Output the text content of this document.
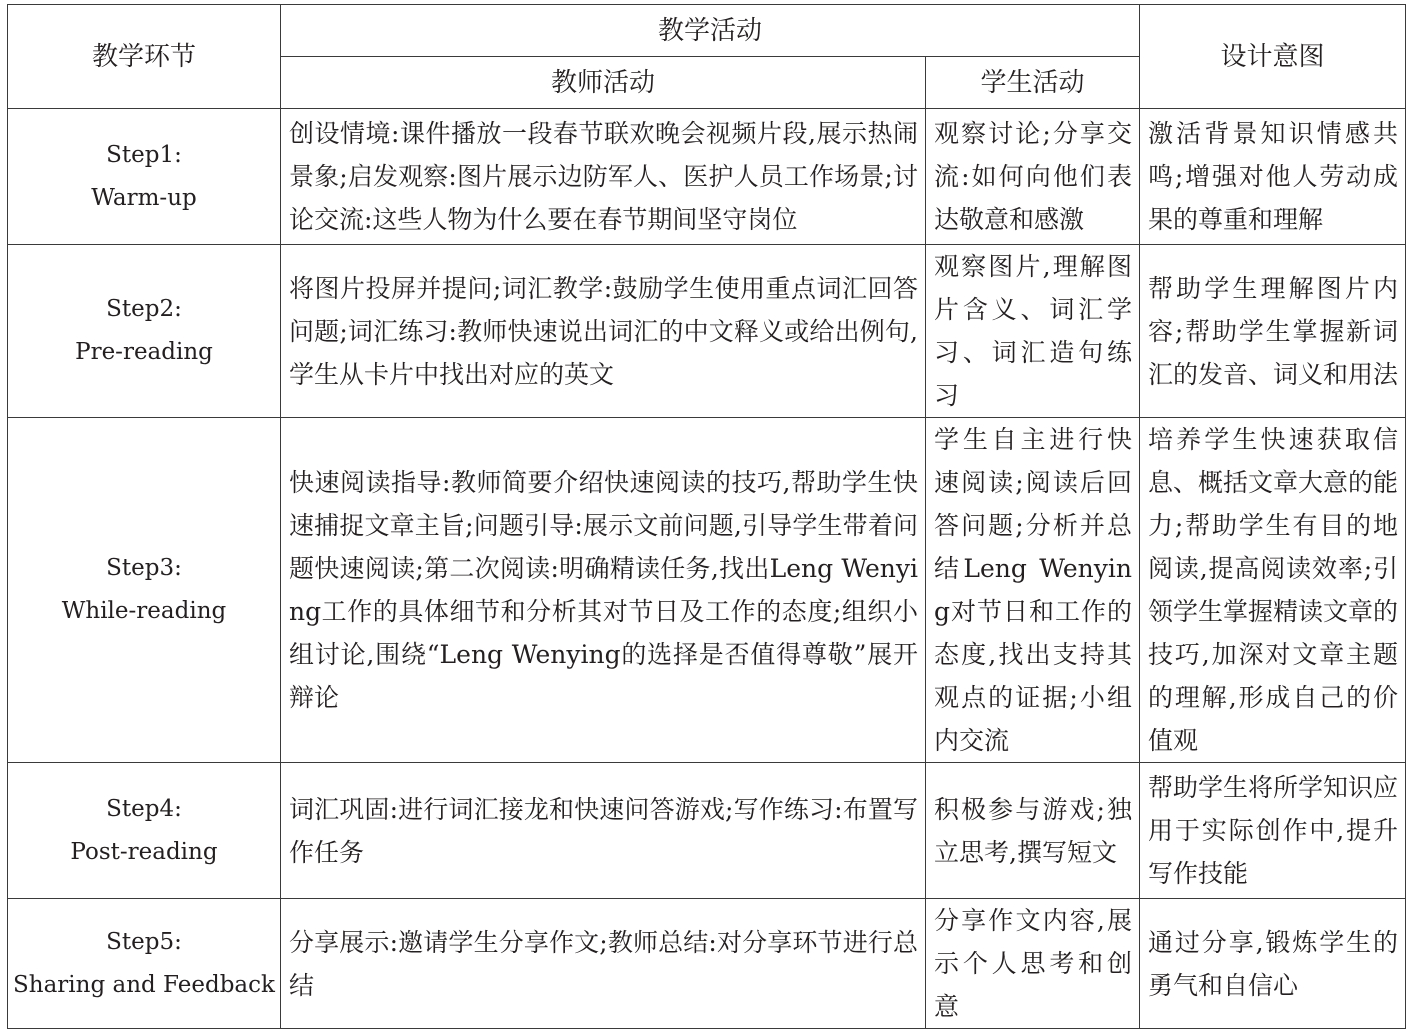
教学环节	教学活动		设计意图
	教师活动	学生活动	

Step1:
Warm-up	创设情境:课件播放一段春节联欢晚会视频片段,展示热闹景象;启发观察:图片展示边防军人、医护人员工作场景;讨论交流:这些人物为什么要在春节期间坚守岗位	观察讨论;分享交流:如何向他们表达敬意和感激	激活背景知识情感共鸣;增强对他人劳动成果的尊重和理解

Step2:
Pre-reading	将图片投屏并提问;词汇教学:鼓励学生使用重点词汇回答问题;词汇练习:教师快速说出词汇的中文释义或给出例句,学生从卡片中找出对应的英文	观察图片,理解图片含义、词汇学习、词汇造句练习	帮助学生理解图片内容;帮助学生掌握新词汇的发音、词义和用法

Step3:
While-reading	快速阅读指导:教师简要介绍快速阅读的技巧,帮助学生快速捕捉文章主旨;问题引导:展示文前问题,引导学生带着问题快速阅读;第二次阅读:明确精读任务,找出Leng Wenying工作的具体细节和分析其对节日及工作的态度;组织小组讨论,围绕“Leng Wenying的选择是否值得尊敬”展开辩论	学生自主进行快速阅读;阅读后回答问题;分析并总结Leng Wenying对节日和工作的态度,找出支持其观点的证据;小组内交流	培养学生快速获取信息、概括文章大意的能力;帮助学生有目的地阅读,提高阅读效率;引领学生掌握精读文章的技巧,加深对文章主题的理解,形成自己的价值观

Step4:
Post-reading	词汇巩固:进行词汇接龙和快速问答游戏;写作练习:布置写作任务	积极参与游戏;独立思考,撰写短文	帮助学生将所学知识应用于实际创作中,提升写作技能

Step5:
Sharing and Feedback	分享展示:邀请学生分享作文;教师总结:对分享环节进行总结	分享作文内容,展示个人思考和创意	通过分享,锻炼学生的勇气和自信心
